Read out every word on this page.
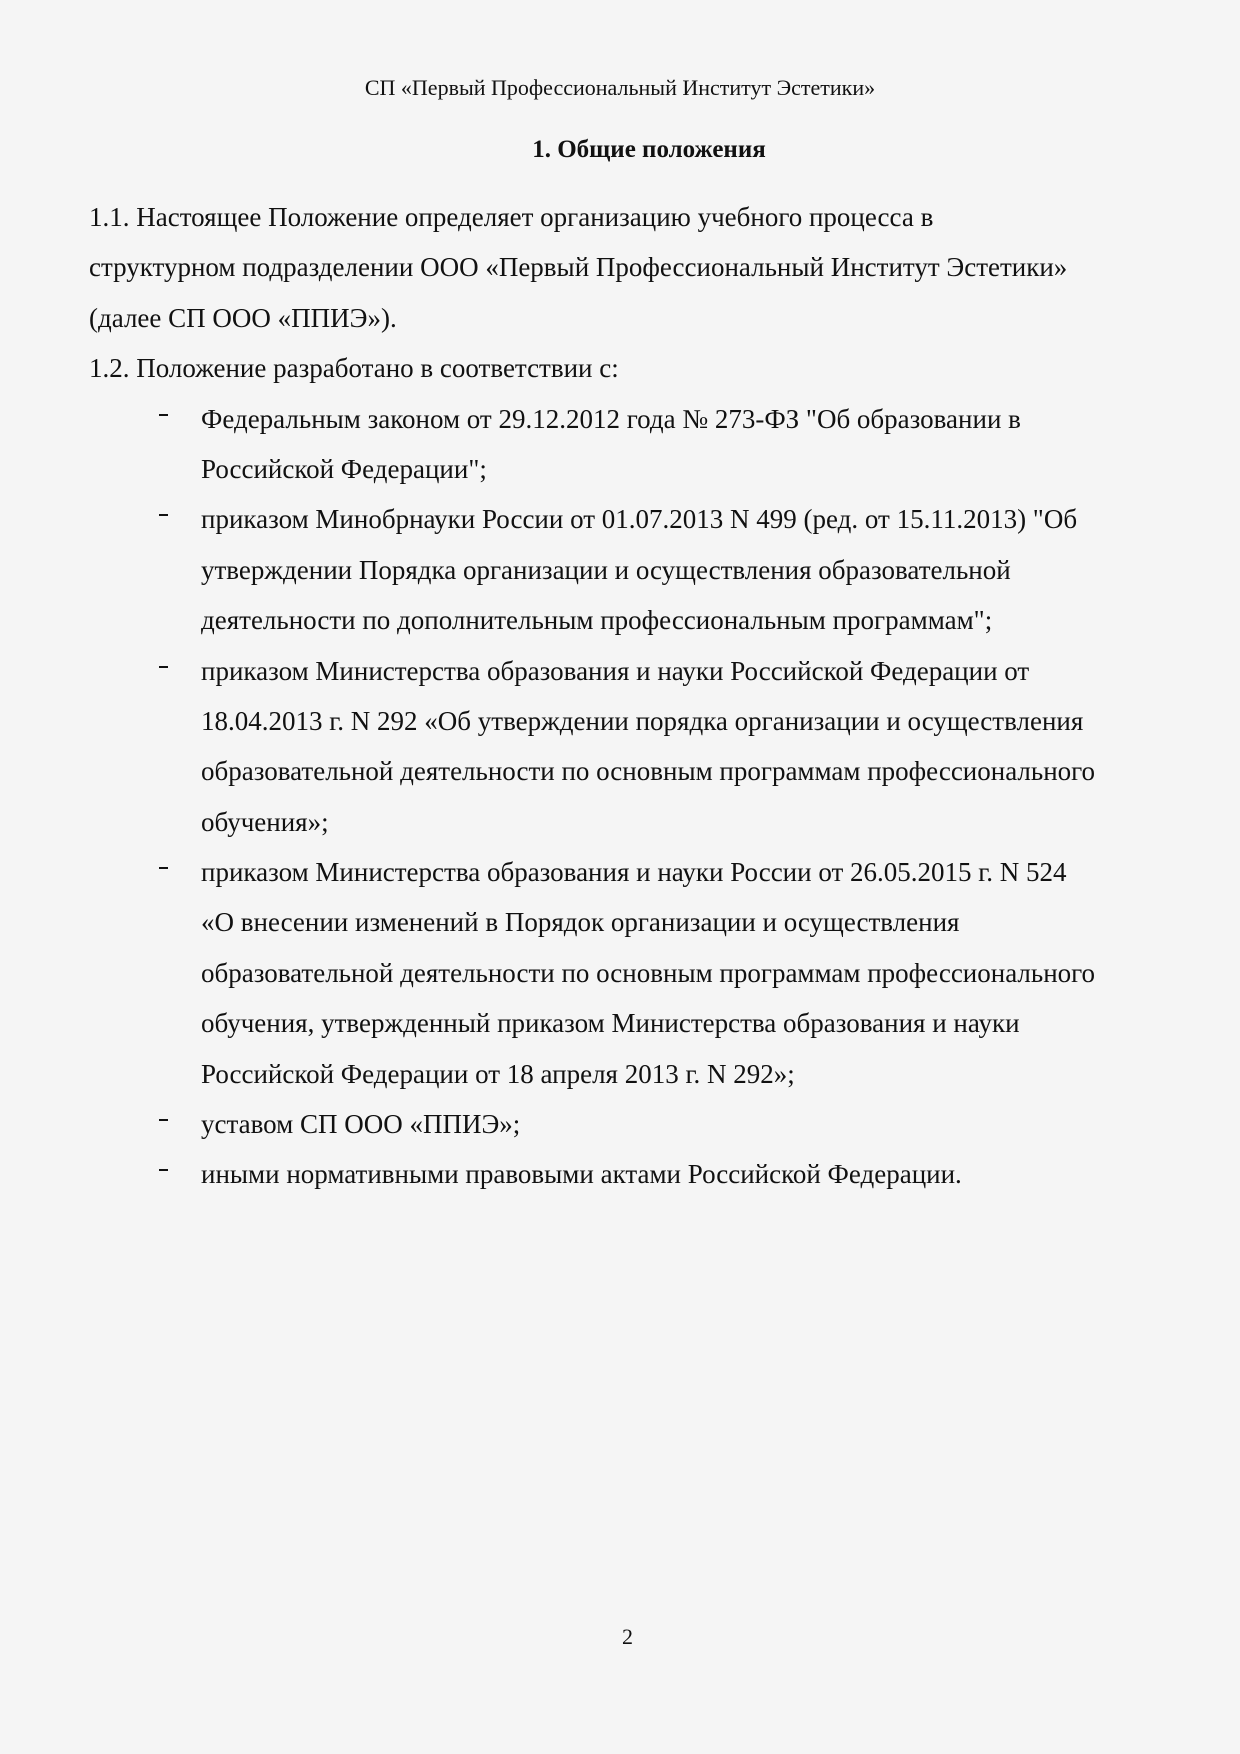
СП «Первый Профессиональный Институт Эстетики»
1. Общие положения

1.1. Настоящее Положение определяет организацию учебного процесса в
структурном подразделении ООО «Первый Профессиональный Институт Эстетики»
(далее СП ООО «ППИЭ»).

1.2. Положение разработано в соответствии с:

Федеральным законом от 29.12.2012 года № 273-ФЗ "Об образовании в
Российской Федерации";
приказом Минобрнауки России от 01.07.2013 N 499 (ред. от 15.11.2013) "Об
утверждении Порядка организации и осуществления образовательной
деятельности по дополнительным профессиональным программам";
приказом Министерства образования и науки Российской Федерации от
18.04.2013 г. N 292 «Об утверждении порядка организации и осуществления
образовательной деятельности по основным программам профессионального
обучения»;
приказом Министерства образования и науки России от 26.05.2015 г. N 524
«О внесении изменений в Порядок организации и осуществления
образовательной деятельности по основным программам профессионального
обучения, утвержденный приказом Министерства образования и науки
Российской Федерации от 18 апреля 2013 г. N 292»;
уставом СП ООО «ППИЭ»;
иными нормативными правовыми актами Российской Федерации.
2
